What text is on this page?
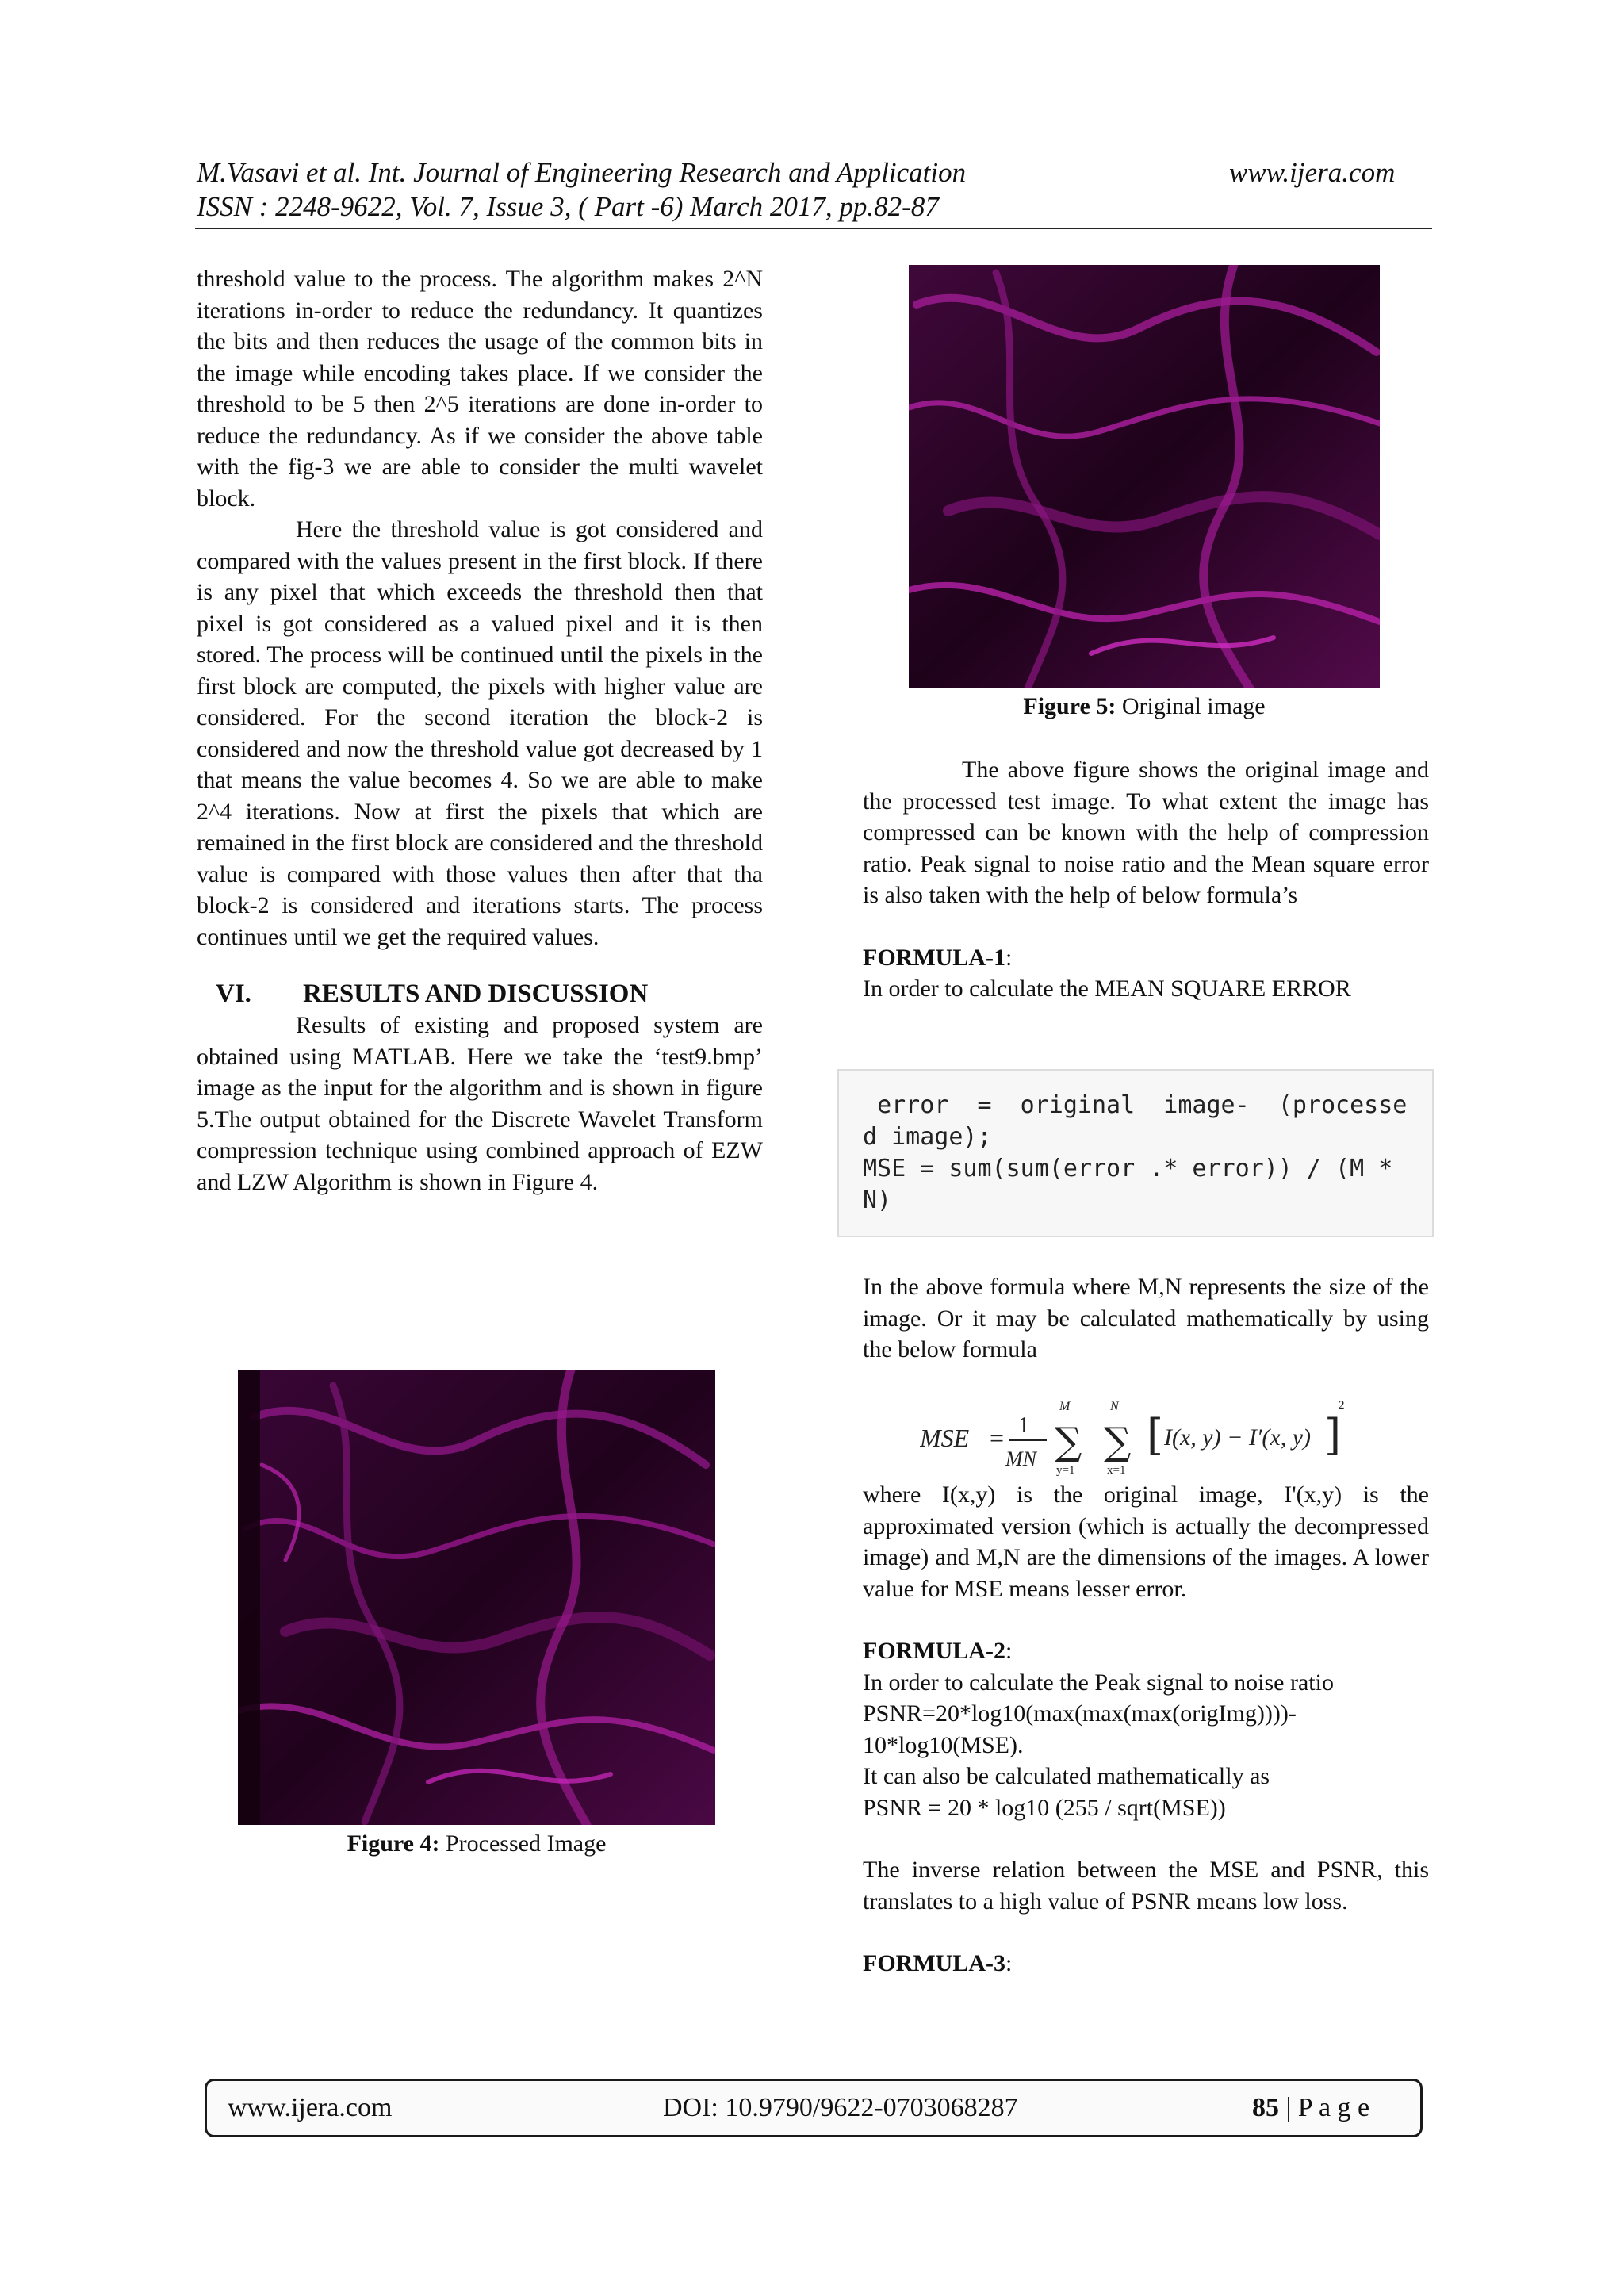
M.Vasavi et al. Int. Journal of Engineering Research and Application	www.ijera.com
ISSN : 2248-9622, Vol. 7, Issue 3, ( Part -6) March 2017, pp.82-87

threshold value to the process. The algorithm makes 2^N iterations in-order to reduce the redundancy. It quantizes the bits and then reduces the usage of the common bits in the image while encoding takes place. If we consider the threshold to be 5 then 2^5 iterations are done in-order to reduce the redundancy. As if we consider the above table with the fig-3 we are able to consider the multi wavelet block.

Here the threshold value is got considered and compared with the values present in the first block. If there is any pixel that which exceeds the threshold then that pixel is got considered as a valued pixel and it is then stored. The process will be continued until the pixels in the first block are computed, the pixels with higher value are considered. For the second iteration the block-2 is considered and now the threshold value got decreased by 1 that means the value becomes 4. So we are able to make 2^4 iterations. Now at first the pixels that which are remained in the first block are considered and the threshold value is compared with those values then after that tha block-2 is considered and iterations starts. The process continues until we get the required values.

VI. RESULTS AND DISCUSSION

Results of existing and proposed system are obtained using MATLAB. Here we take the ‘test9.bmp’ image as the input for the algorithm and is shown in figure 5.The output obtained for the Discrete Wavelet Transform compression technique using combined approach of EZW and LZW Algorithm is shown in Figure 4.

Figure 4: Processed Image
Figure 5: Original image

The above figure shows the original image and the processed test image. To what extent the image has compressed can be known with the help of compression ratio. Peak signal to noise ratio and the Mean square error is also taken with the help of below formula’s

FORMULA-1:

In order to calculate the MEAN SQUARE ERROR

error  =  original  image-  (processed image);
MSE = sum(sum(error .* error)) / (M * N)

In the above formula where M,N represents the size of the image. Or it may be calculated mathematically by using the below formula

MSE = 1
MN
M
∑
y=1
N
∑
x=1
[ I(x, y) − I′(x, y) ]
2

where I(x,y) is the original image, I'(x,y) is the approximated version (which is actually the decompressed image) and M,N are the dimensions of the images. A lower value for MSE means lesser error.

FORMULA-2:

In order to calculate the Peak signal to noise ratio

PSNR=20*log10(max(max(max(origImg))))-

10*log10(MSE).

It can also be calculated mathematically as

PSNR = 20 * log10 (255 / sqrt(MSE))

The inverse relation between the MSE and PSNR, this translates to a high value of PSNR means low loss.

FORMULA-3:

www.ijera.com	DOI: 10.9790/9622-0703068287	85 | P a g e
